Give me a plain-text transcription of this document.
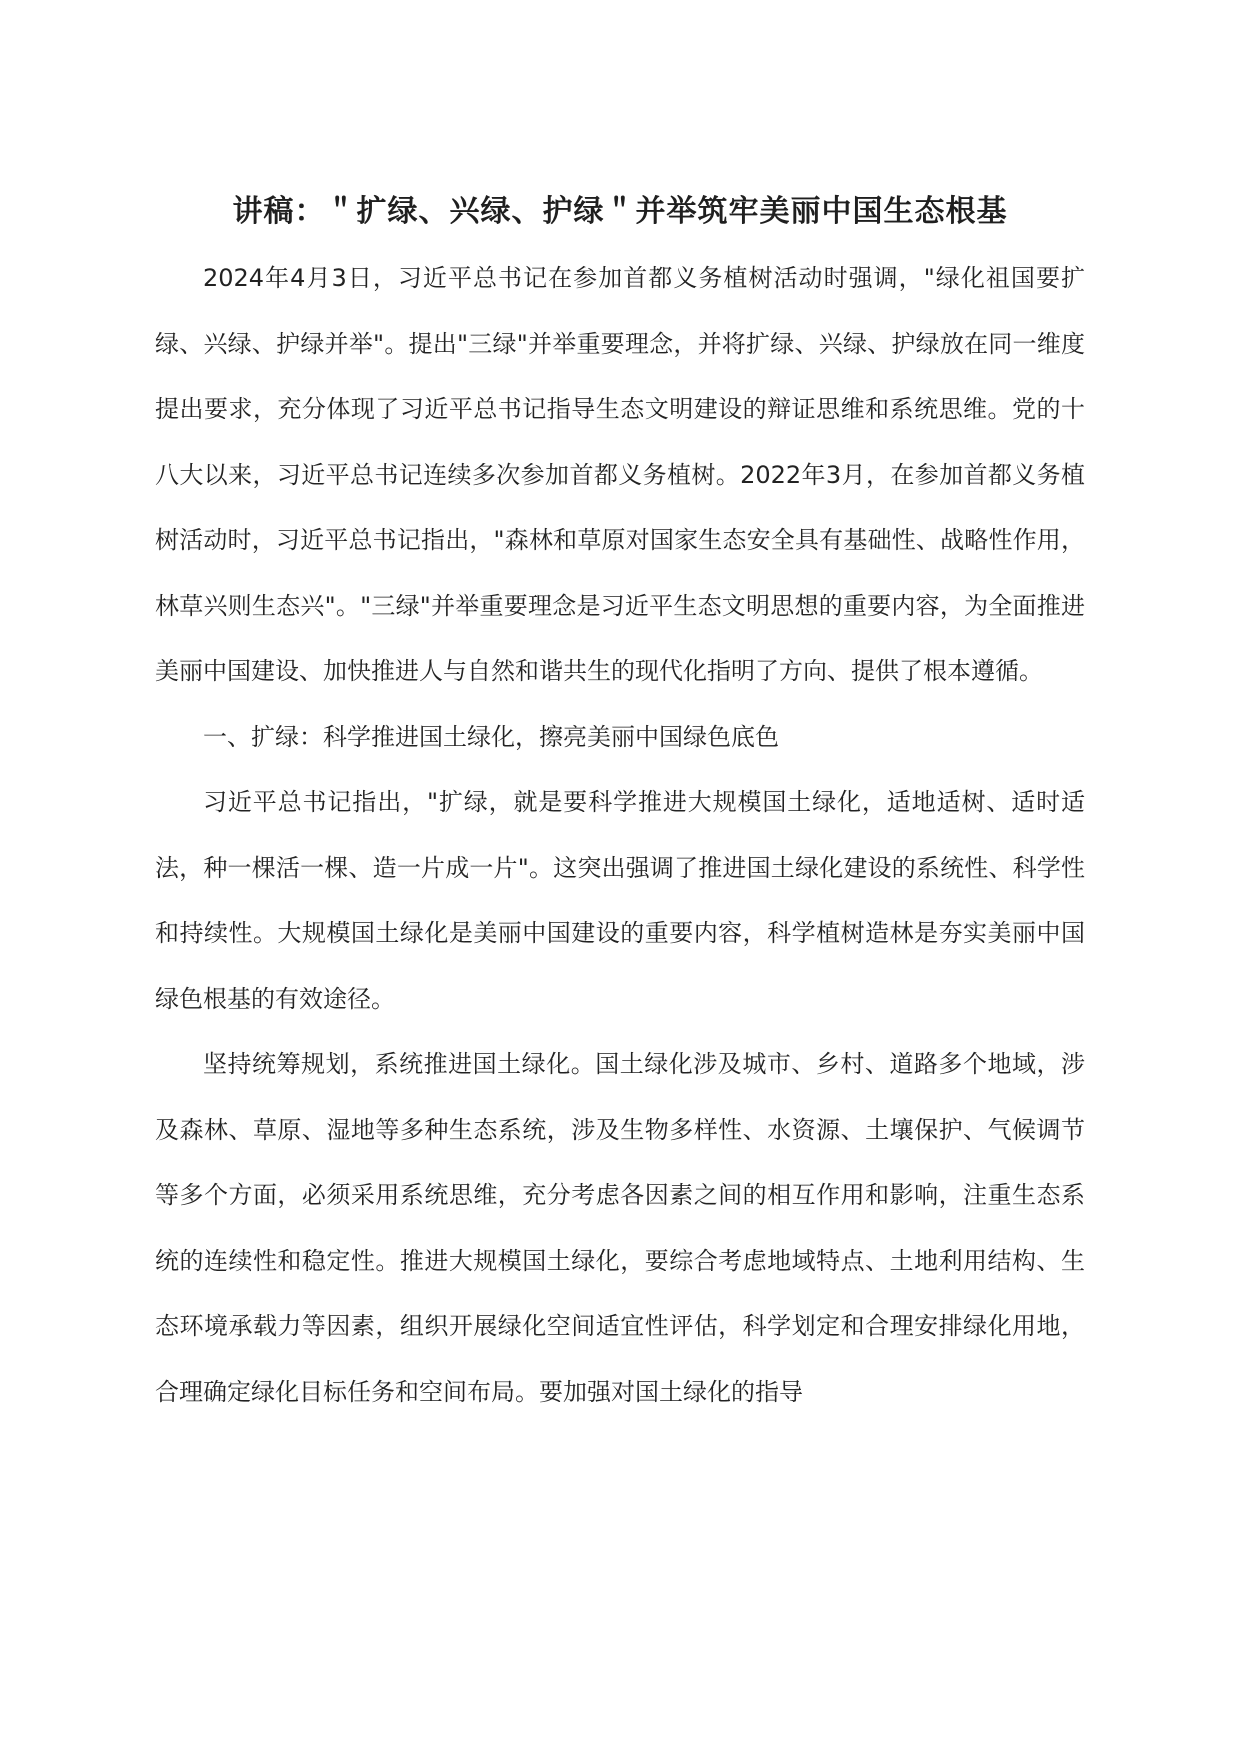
讲稿：＂扩绿、兴绿、护绿＂并举筑牢美丽中国生态根基

2024年4月3日，习近平总书记在参加首都义务植树活动时强调，"绿化祖国要扩绿、兴绿、护绿并举"。提出"三绿"并举重要理念，并将扩绿、兴绿、护绿放在同一维度提出要求，充分体现了习近平总书记指导生态文明建设的辩证思维和系统思维。党的十八大以来，习近平总书记连续多次参加首都义务植树。2022年3月，在参加首都义务植树活动时，习近平总书记指出，"森林和草原对国家生态安全具有基础性、战略性作用，林草兴则生态兴"。"三绿"并举重要理念是习近平生态文明思想的重要内容，为全面推进美丽中国建设、加快推进人与自然和谐共生的现代化指明了方向、提供了根本遵循。

一、扩绿：科学推进国土绿化，擦亮美丽中国绿色底色

习近平总书记指出，"扩绿，就是要科学推进大规模国土绿化，适地适树、适时适法，种一棵活一棵、造一片成一片"。这突出强调了推进国土绿化建设的系统性、科学性和持续性。大规模国土绿化是美丽中国建设的重要内容，科学植树造林是夯实美丽中国绿色根基的有效途径。

坚持统筹规划，系统推进国土绿化。国土绿化涉及城市、乡村、道路多个地域，涉及森林、草原、湿地等多种生态系统，涉及生物多样性、水资源、土壤保护、气候调节等多个方面，必须采用系统思维，充分考虑各因素之间的相互作用和影响，注重生态系统的连续性和稳定性。推进大规模国土绿化，要综合考虑地域特点、土地利用结构、生态环境承载力等因素，组织开展绿化空间适宜性评估，科学划定和合理安排绿化用地，合理确定绿化目标任务和空间布局。要加强对国土绿化的指导
